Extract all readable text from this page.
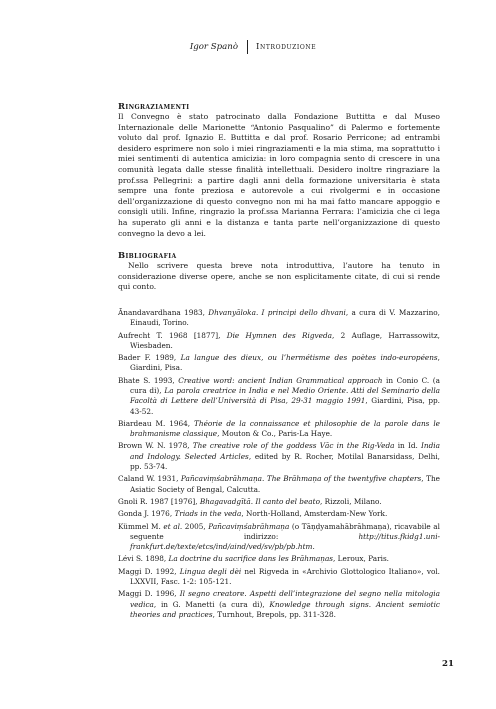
Igor Spanò Introduzione
Ringraziamenti

Il Convegno è stato patrocinato dalla Fondazione Buttitta e dal Museo Internazionale delle Marionette “Antonio Pasqualino” di Palermo e fortemente voluto dal prof. Ignazio E. Buttitta e dal prof. Rosario Perricone; ad entrambi desidero esprimere non solo i miei ringraziamenti e la mia stima, ma soprattutto i miei sentimenti di autentica amicizia: in loro compagnia sento di crescere in una comunità legata dalle stesse finalità intellettuali. Desidero inoltre ringraziare la prof.ssa Pellegrini: a partire dagli anni della formazione universitaria è stata sempre una fonte preziosa e autorevole a cui rivolgermi e in occasione dell’organizzazione di questo convegno non mi ha mai fatto mancare appoggio e consigli utili. Infine, ringrazio la prof.ssa Marianna Ferrara: l’amicizia che ci lega ha superato gli anni e la distanza e tanta parte nell’organizzazione di questo convegno la devo a lei.

Bibliografia

Nello scrivere questa breve nota introduttiva, l’autore ha tenuto in considerazione diverse opere, anche se non esplicitamente citate, di cui si rende qui conto.

Ānandavardhana 1983, Dhvanyāloka. I principi dello dhvani, a cura di V. Mazzarino, Einaudi, Torino.

Aufrecht T. 1968 [1877], Die Hymnen des Rigveda, 2 Auflage, Harrassowitz, Wiesbaden.

Bader F. 1989, La langue des dieux, ou l’hermétisme des poètes indo-européens, Giardini, Pisa.

Bhate S. 1993, Creative word: ancient Indian Grammatical approach in Conio C. (a cura di), La parola creatrice in India e nel Medio Oriente. Atti del Seminario della Facoltà di Lettere dell’Università di Pisa, 29-31 maggio 1991, Giardini, Pisa, pp. 43-52.

Biardeau M. 1964, Théorie de la connaissance et philosophie de la parole dans le brahmanisme classique, Mouton & Co., Paris-La Haye.

Brown W. N. 1978, The creative role of the goddess Vāc in the Rig-Veda in Id. India and Indology. Selected Articles, edited by R. Rocher, Motilal Banarsidass, Delhi, pp. 53-74.

Caland W. 1931, Pañcaviṃśabrāhmaṇa. The Brāhmaṇa of the twentyfive chapters, The Asiatic Society of Bengal, Calcutta.

Gnoli R. 1987 [1976], Bhagavadgītā. Il canto del beato, Rizzoli, Milano.

Gonda J. 1976, Triads in the veda, North-Holland, Amsterdam-New York.

Kümmel M. et al. 2005, Pañcaviṃśabrāhmaṇa (o Tāṇḍyamahābrāhmaṇa), ricavabile al seguente indirizzo: http://titus.fkidg1.uni-frankfurt.de/texte/etcs/ind/aind/ved/sv/pb/pb.htm.

Lévi S. 1898, La doctrine du sacrifice dans les Brāhmaṇas, Leroux, Paris.

Maggi D. 1992, Lingua degli dèi nel Rigveda in «Archivio Glottologico Italiano», vol. LXXVII, Fasc. 1-2: 105-121.

Maggi D. 1996, Il segno creatore. Aspetti dell’integrazione del segno nella mitologia vedica, in G. Manetti (a cura di), Knowledge through signs. Ancient semiotic theories and practices, Turnhout, Brepols, pp. 311-328.

21
